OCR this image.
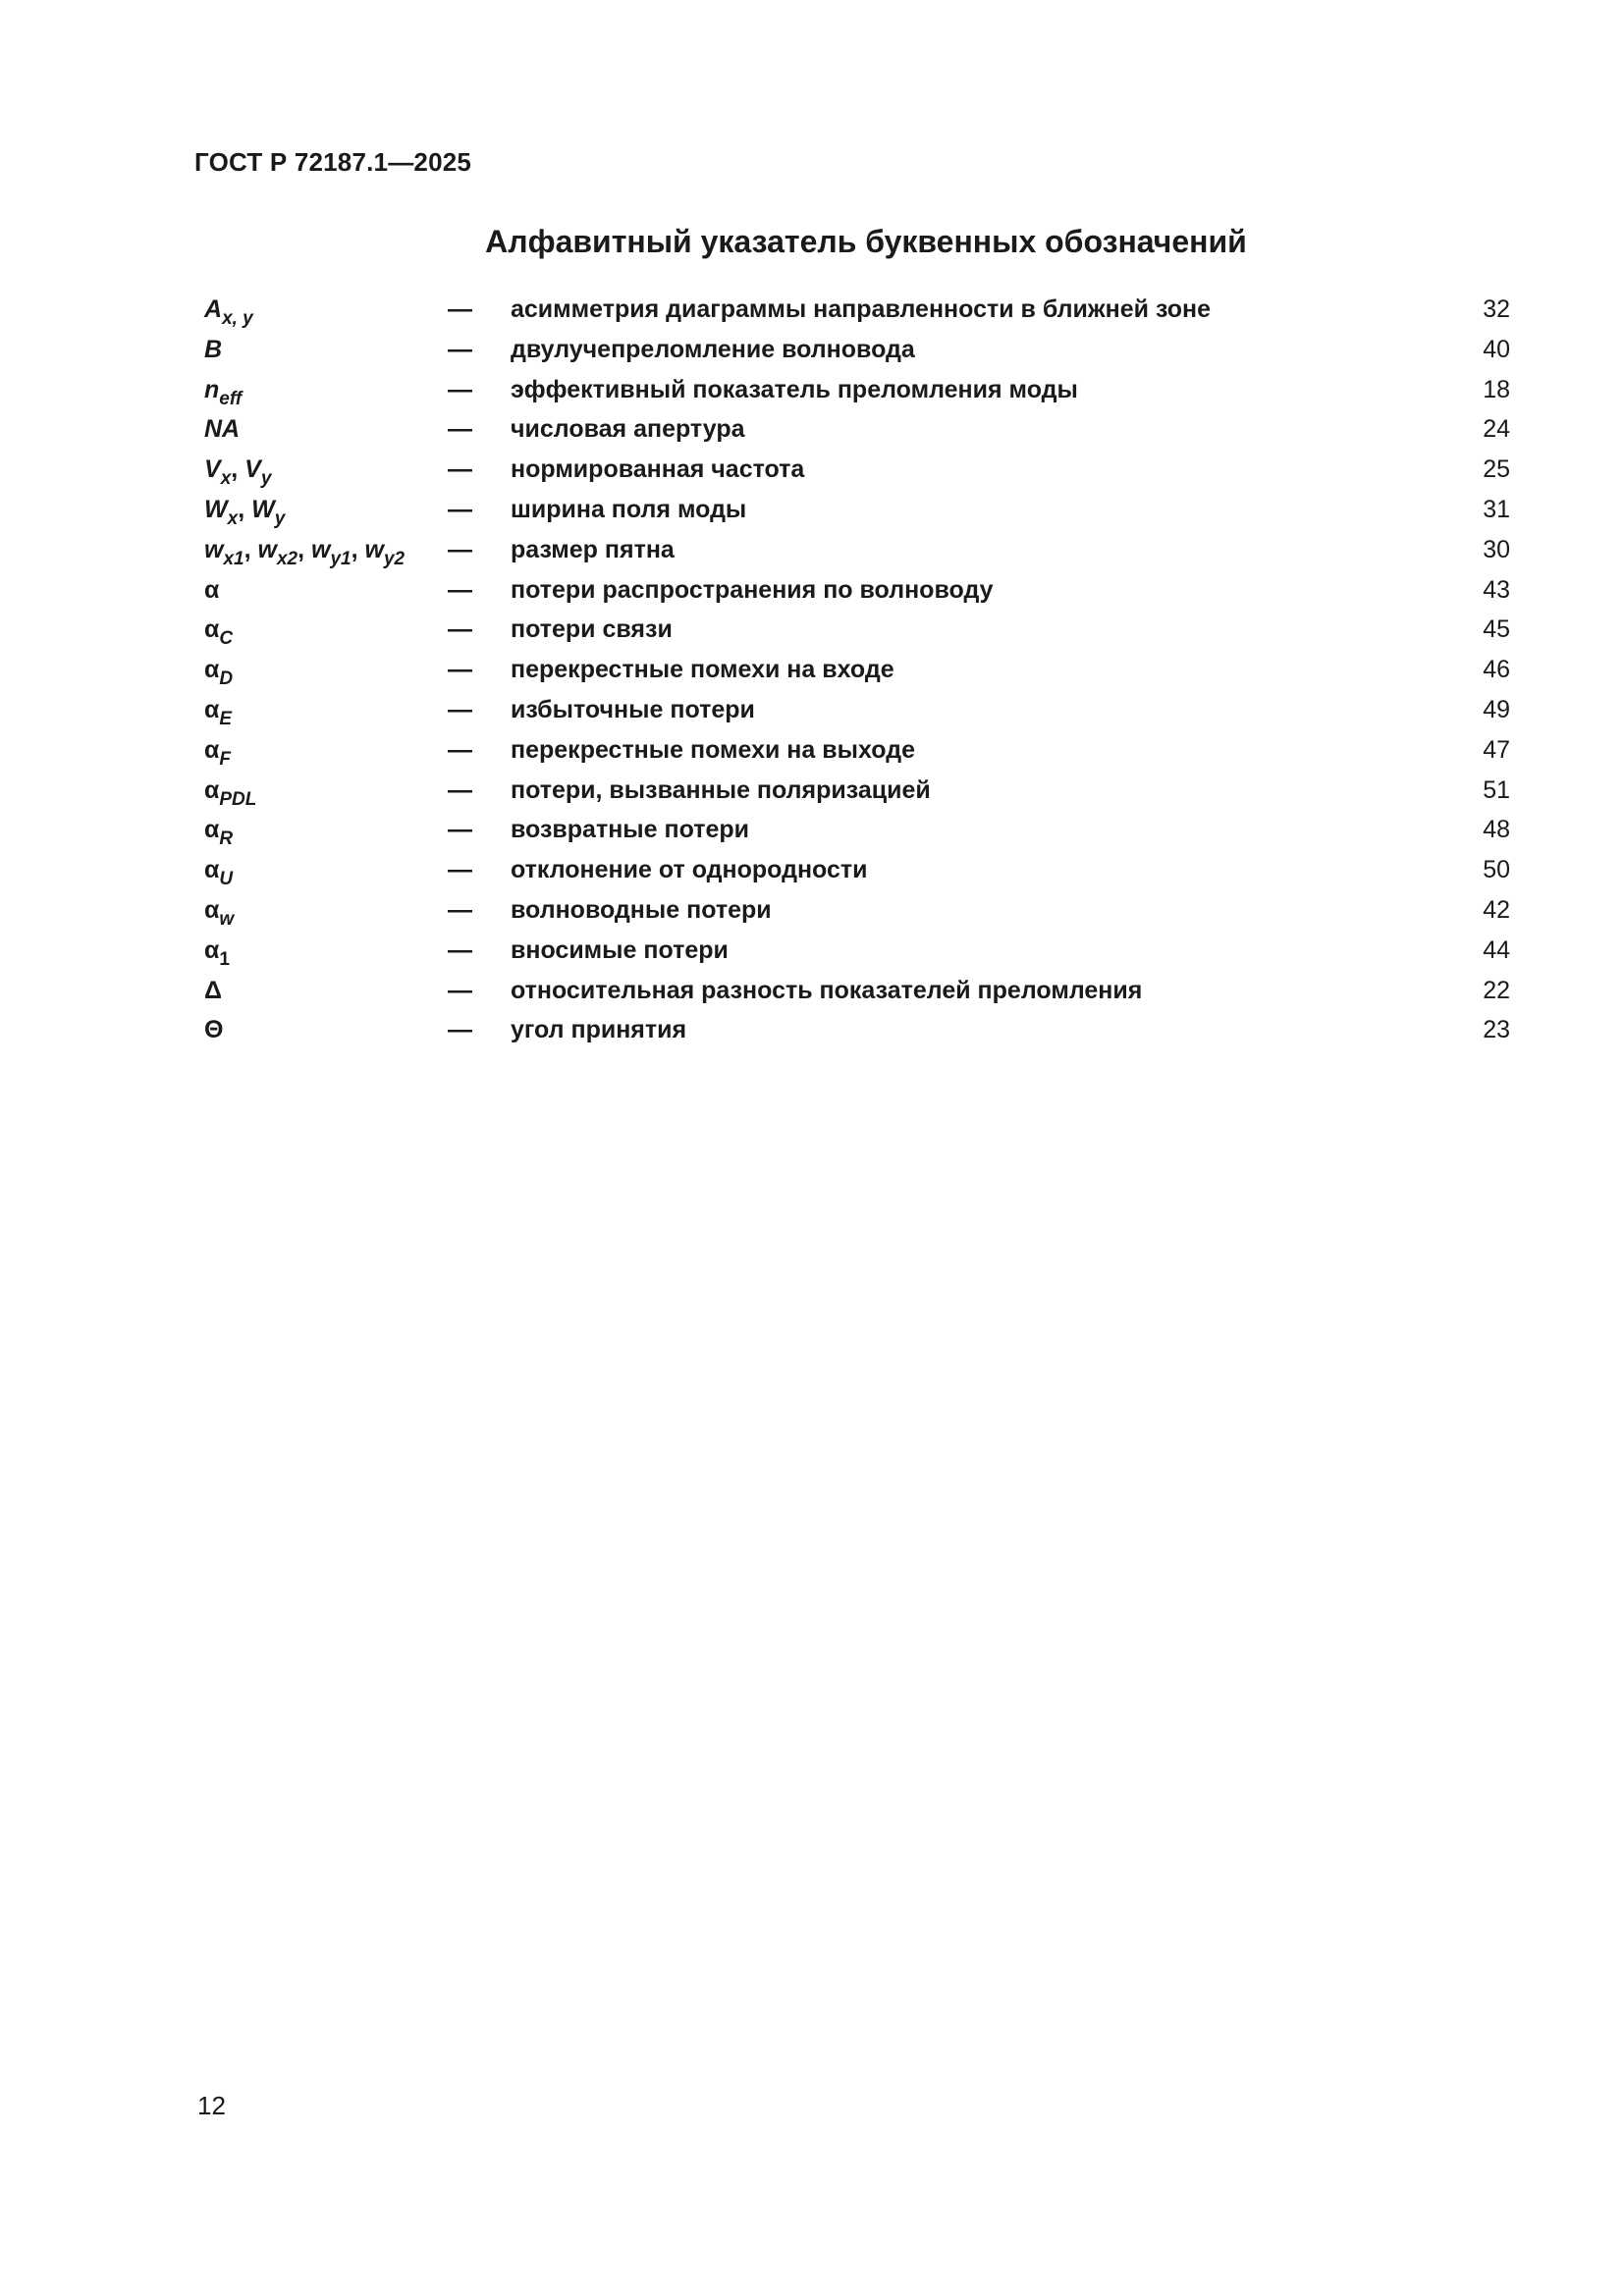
ГОСТ Р 72187.1—2025
Алфавитный указатель буквенных обозначений
$A_{x, y}$	— асимметрия диаграммы направленности в ближней зоне	32
B	— двулучепреломление волновода	40
$n_{eff}$	— эффективный показатель преломления моды	18
NA	— числовая апертура	24
$V_x$, $V_y$	— нормированная частота	25
$W_x$, $W_y$	— ширина поля моды	31
$w_{x1}$, $w_{x2}$, $w_{y1}$, $w_{y2}$ — размер пятна	30
α	— потери распространения по волноводу	43
$\alpha_C$	— потери связи	45
$\alpha_D$	— перекрестные помехи на входе	46
$\alpha_E$	— избыточные потери	49
$\alpha_F$	— перекрестные помехи на выходе	47
$\alpha_{PDL}$	— потери, вызванные поляризацией	51
$\alpha_R$	— возвратные потери	48
$\alpha_U$	— отклонение от однородности	50
$\alpha_w$	— волноводные потери	42
$\alpha_1$	— вносимые потери	44
Δ	— относительная разность показателей преломления	22
Θ	— угол принятия	23
12
